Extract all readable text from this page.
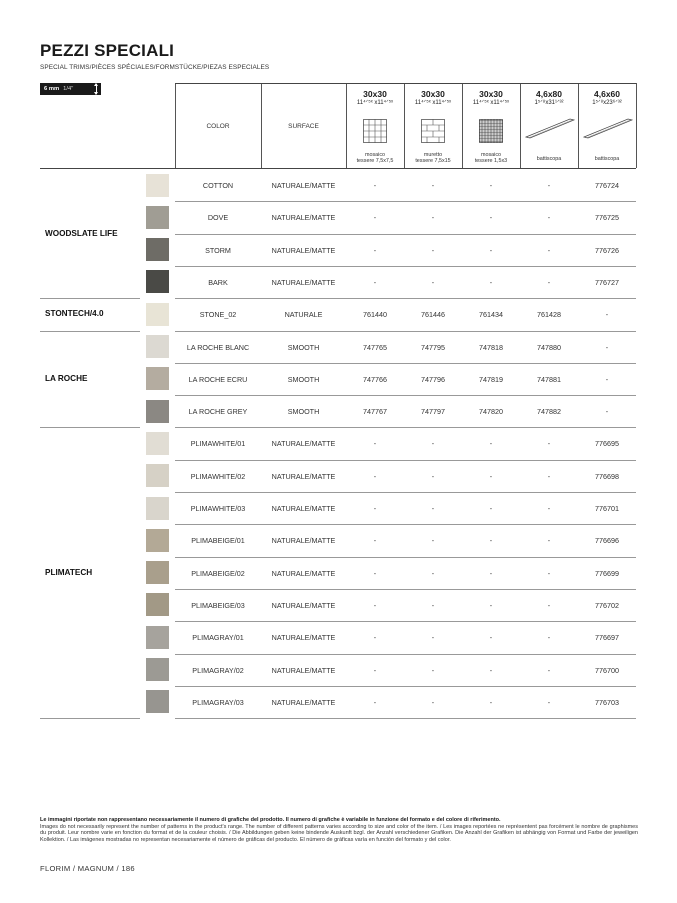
PEZZI SPECIALI
SPECIAL TRIMS/PIÈCES SPÉCIALES/FORMSTÜCKE/PIEZAS ESPECIALES
6 mm 1/4"
COLOR	SURFACE
30x30
11⁴ᐟ⁵ˣ x11⁴ᐟ⁵ˣ
mosaico
tessere 7,5x7,5
30x30
11⁴ᐟ⁵ˣ x11⁴ᐟ⁵ˣ
muretto
tessere 7,5x15
30x30
11⁴ᐟ⁵ˣ x11⁴ᐟ⁵ˣ
mosaico
tessere 1,5x3
4,6x80
1⁵ᐟ⁸x31¹ᐟ³²
battiscopa
4,6x60
1⁵ᐟ⁸x23⁶ᐟ³²
battiscopa
WOODSLATE LIFE
STONTECH/4.0
LA ROCHE
PLIMATECH
COTTON	NATURALE/MATTE	-	-	-	-	776724
DOVE	NATURALE/MATTE	-	-	-	-	776725
STORM	NATURALE/MATTE	-	-	-	-	776726
BARK	NATURALE/MATTE	-	-	-	-	776727
STONE_02	NATURALE	761440	761446	761434	761428	-
LA ROCHE BLANC	SMOOTH	747765	747795	747818	747880	-
LA ROCHE ECRU	SMOOTH	747766	747796	747819	747881	-
LA ROCHE GREY	SMOOTH	747767	747797	747820	747882	-
PLIMAWHITE/01	NATURALE/MATTE	-	-	-	-	776695
PLIMAWHITE/02	NATURALE/MATTE	-	-	-	-	776698
PLIMAWHITE/03	NATURALE/MATTE	-	-	-	-	776701
PLIMABEIGE/01	NATURALE/MATTE	-	-	-	-	776696
PLIMABEIGE/02	NATURALE/MATTE	-	-	-	-	776699
PLIMABEIGE/03	NATURALE/MATTE	-	-	-	-	776702
PLIMAGRAY/01	NATURALE/MATTE	-	-	-	-	776697
PLIMAGRAY/02	NATURALE/MATTE	-	-	-	-	776700
PLIMAGRAY/03	NATURALE/MATTE	-	-	-	-	776703
Le immagini riportate non rappresentano necessariamente il numero di grafiche del prodotto. Il numero di grafiche è variabile in funzione del formato e del colore di riferimento.
Images do not necessarily represent the number of patterns in the product's range. The number of different patterns varies according to size and color of the item. / Les images reportées ne représentent pas forcément le nombre de graphismes du produit. Leur nombre varie en fonction du format et de la couleur choisis. / Die Abbildungen geben keine bindende Auskunft bzgl. der Anzahl verschiedener Grafiken. Die Anzahl der Grafiken ist abhängig von Format und Farbe der jeweiligen Kollektion. / Las imágenes mostradas no representan necesariamente el número de gráficas del producto. El número de gráficas varía en función del formato y del color.
FLORIM / MAGNUM / 186
